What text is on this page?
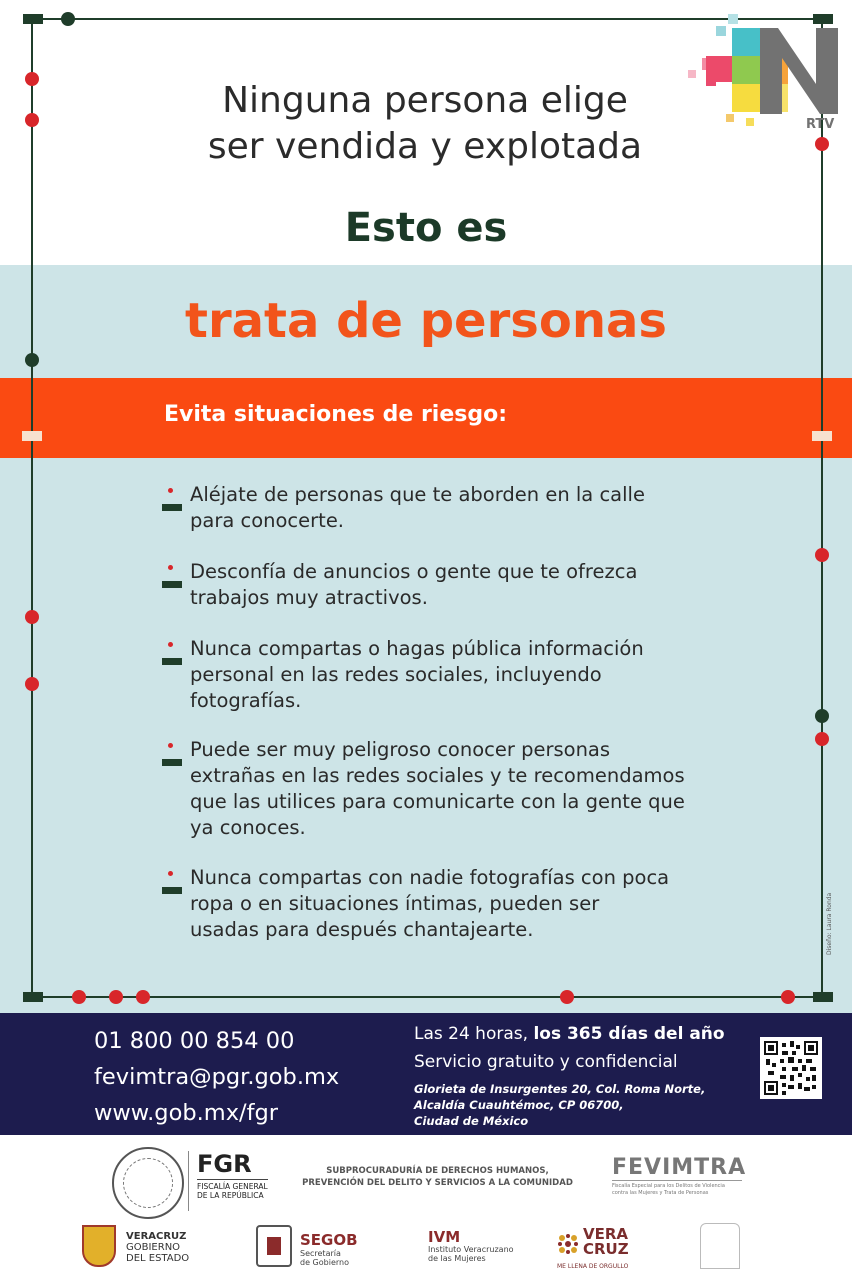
Ninguna persona elige
ser vendida y explotada
Esto es
trata de personas
Evita situaciones de riesgo:
Aléjate de personas que te aborden en la calle
para conocerte.
Desconfía de anuncios o gente que te ofrezca
trabajos muy atractivos.
Nunca compartas o hagas pública información
personal en las redes sociales, incluyendo
fotografías.
Puede ser muy peligroso conocer personas
extrañas en las redes sociales y te recomendamos
que las utilices para comunicarte con la gente que
ya conoces.
Nunca compartas con nadie fotografías con poca
ropa o en situaciones íntimas, pueden ser
usadas para después chantajearte.	Diseño: Laura Ronda
RTV
01 800 00 854 00
fevimtra@pgr.gob.mx
www.gob.mx/fgr
Las 24 horas, los 365 días del año
Servicio gratuito y confidencial
Glorieta de Insurgentes 20, Col. Roma Norte,
Alcaldía Cuauhtémoc, CP 06700,
Ciudad de México
FGR
FISCALÍA GENERAL
DE LA REPÚBLICA
SUBPROCURADURÍA DE DERECHOS HUMANOS,
PREVENCIÓN DEL DELITO Y SERVICIOS A LA COMUNIDAD
FEVIMTRA
Fiscalía Especial para los Delitos de Violencia contra las Mujeres y Trata de Personas
VERACRUZ
GOBIERNO
DEL ESTADO
SEGOB
Secretaría
de Gobierno
IVM
Instituto Veracruzano
de las Mujeres
VERA
CRUZ
ME LLENA DE ORGULLO
